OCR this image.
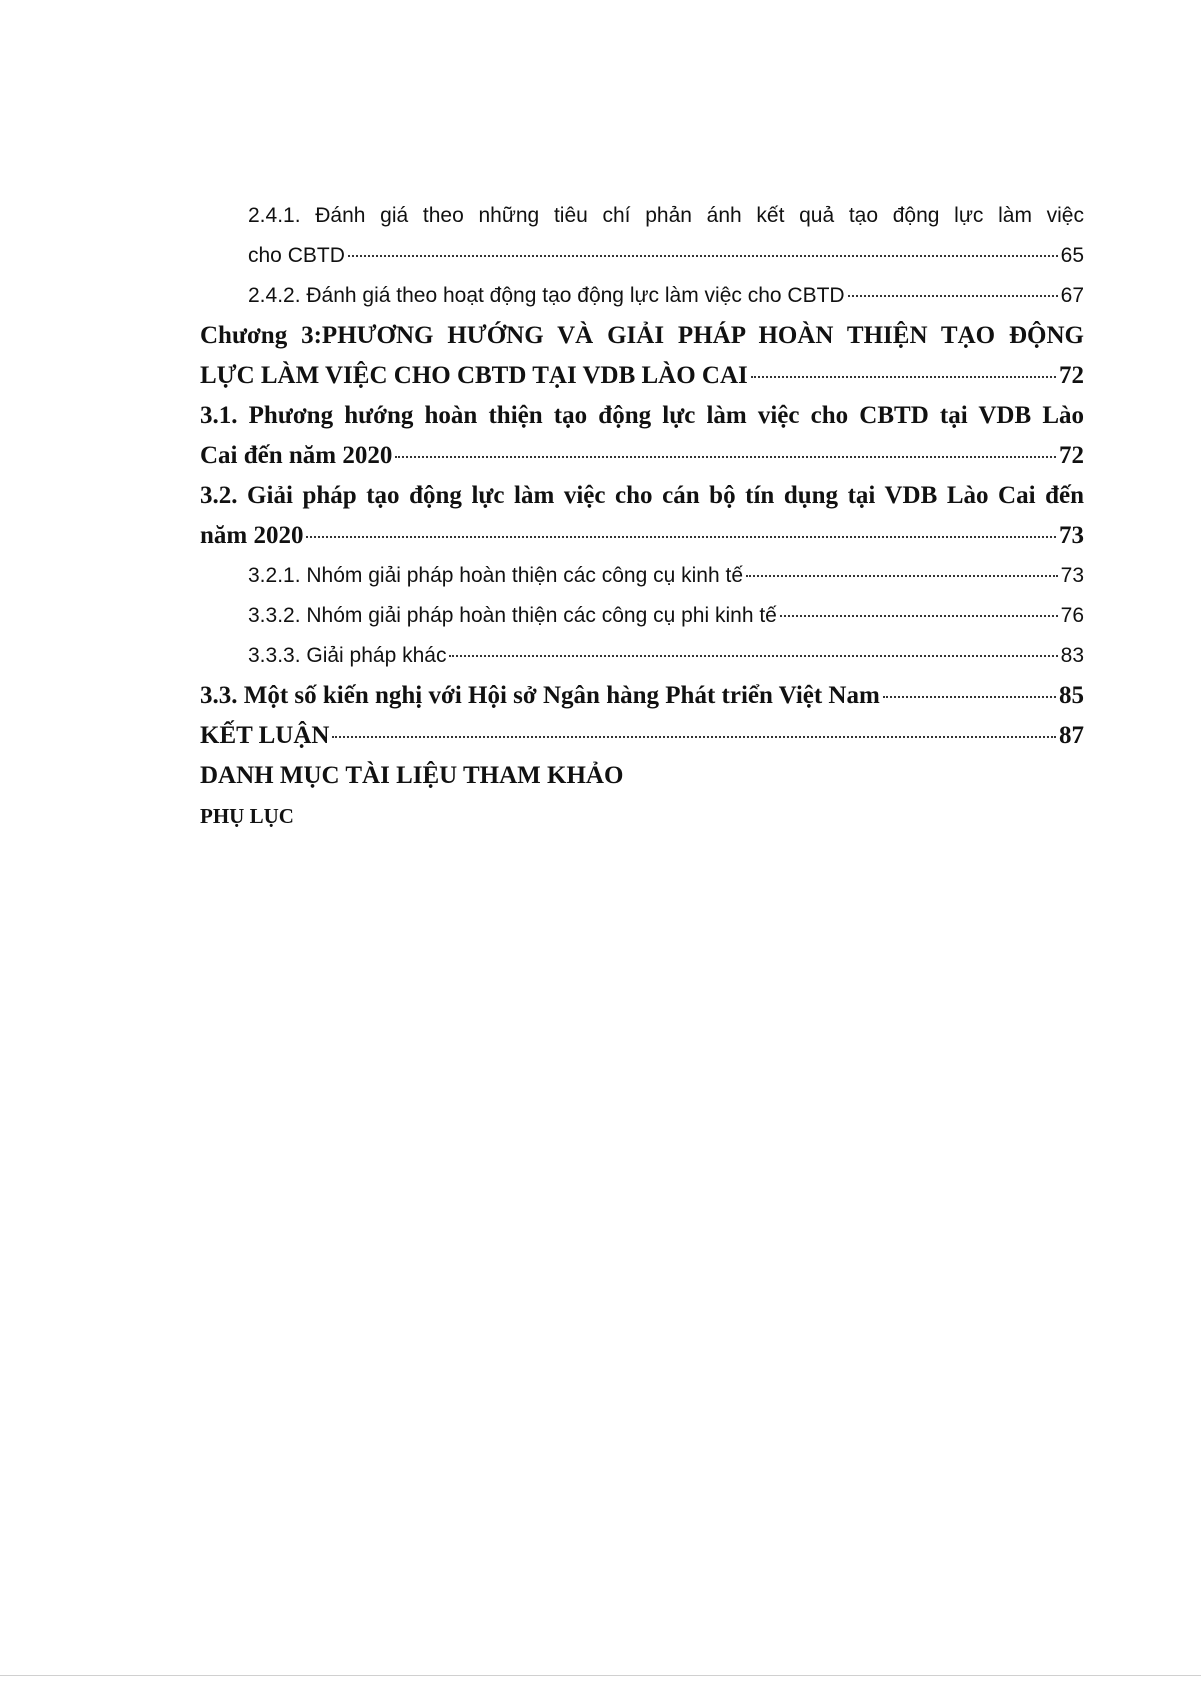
2.4.1. Đánh giá theo những tiêu chí phản ánh kết quả tạo động lực làm việc
cho CBTD	65
2.4.2. Đánh giá theo hoạt động tạo động lực làm việc cho CBTD	67
Chương 3:PHƯƠNG HƯỚNG VÀ GIẢI PHÁP HOÀN THIỆN TẠO ĐỘNG
LỰC LÀM VIỆC CHO CBTD TẠI VDB LÀO CAI	72
3.1. Phương hướng hoàn thiện tạo động lực làm việc cho CBTD tại VDB Lào
Cai đến năm 2020	72
3.2. Giải pháp tạo động lực làm việc cho cán bộ tín dụng tại VDB Lào Cai đến
năm 2020	73
3.2.1. Nhóm giải pháp hoàn thiện các công cụ kinh tế	73
3.3.2. Nhóm giải pháp hoàn thiện các công cụ phi kinh tế	76
3.3.3. Giải pháp khác	83
3.3. Một số kiến nghị với Hội sở Ngân hàng Phát triển Việt Nam	85
KẾT LUẬN	87
DANH MỤC TÀI LIỆU THAM KHẢO
PHỤ LỤC
